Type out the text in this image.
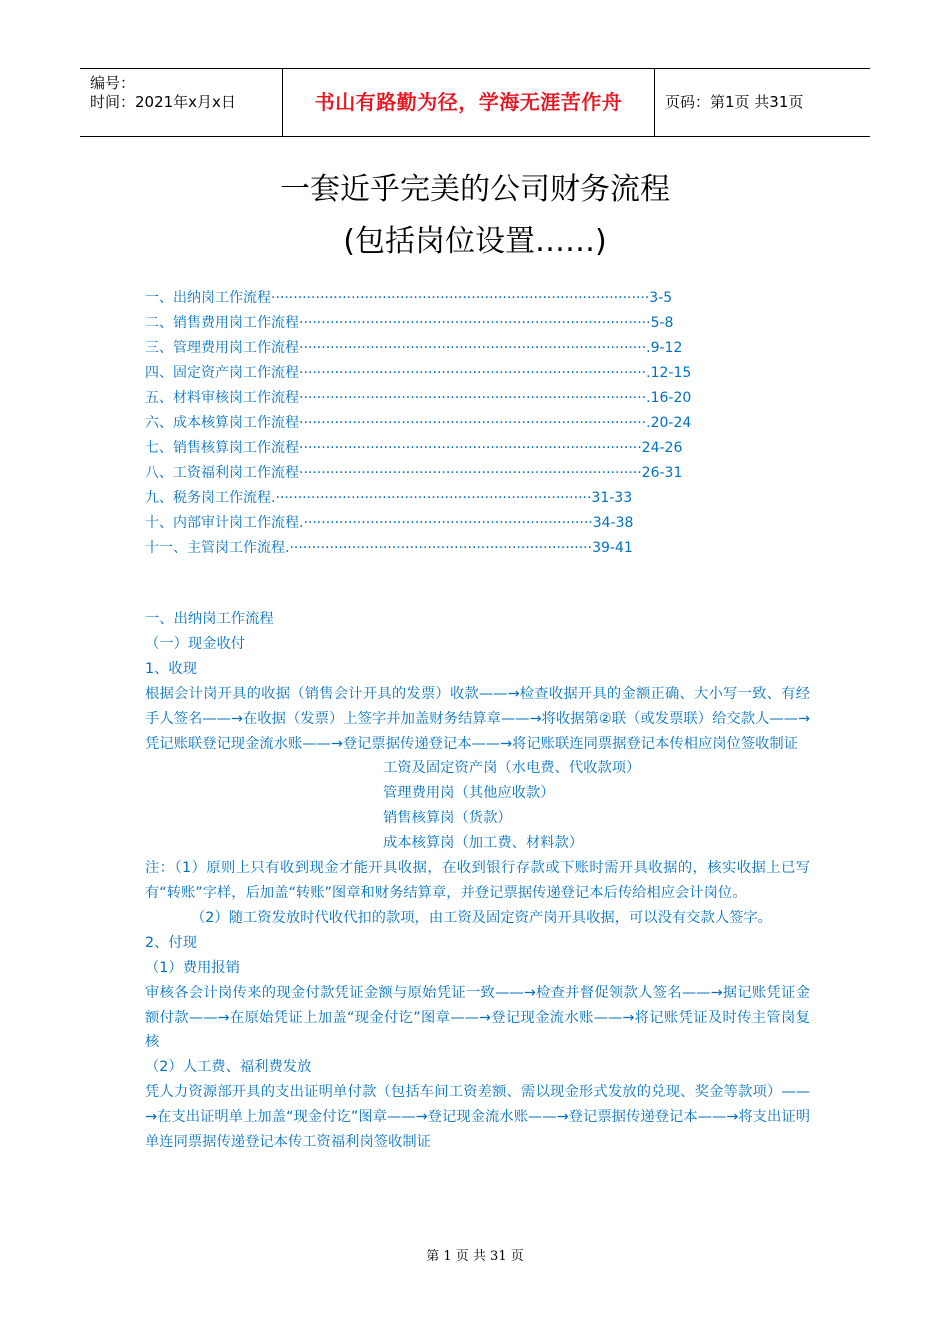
编号：
时间：2021年x月x日	书山有路勤为径，学海无涯苦作舟	页码：第1页 共31页
一套近乎完美的公司财务流程
(包括岗位设置……)
一、出纳岗工作流程·····················································································3-5
二、销售费用岗工作流程···············································································5-8
三、管理费用岗工作流程··············································································.9-12
四、固定资产岗工作流程··············································································.12-15
五、材料审核岗工作流程··············································································.16-20
六、成本核算岗工作流程··············································································.20-24
七、销售核算岗工作流程·············································································24-26
八、工资福利岗工作流程·············································································26-31
九、税务岗工作流程.·······································································31-33
十、内部审计岗工作流程.·································································34-38
十一、主管岗工作流程.····································································39-41

一、出纳岗工作流程

（一）现金收付

1、收现

根据会计岗开具的收据（销售会计开具的发票）收款——→检查收据开具的金额正确、大小写一致、有经手人签名——→在收据（发票）上签字并加盖财务结算章——→将收据第②联（或发票联）给交款人——→凭记账联登记现金流水账——→登记票据传递登记本——→将记账联连同票据登记本传相应岗位签收制证

工资及固定资产岗（水电费、代收款项）

管理费用岗（其他应收款）

销售核算岗（货款）

成本核算岗（加工费、材料款）

注：（1）原则上只有收到现金才能开具收据，在收到银行存款或下账时需开具收据的，核实收据上已写有“转账”字样，后加盖“转账”图章和财务结算章，并登记票据传递登记本后传给相应会计岗位。

（2）随工资发放时代收代扣的款项，由工资及固定资产岗开具收据，可以没有交款人签字。

2、付现

（1）费用报销

审核各会计岗传来的现金付款凭证金额与原始凭证一致——→检查并督促领款人签名——→据记账凭证金额付款——→在原始凭证上加盖“现金付讫”图章——→登记现金流水账——→将记账凭证及时传主管岗复核

（2）人工费、福利费发放

凭人力资源部开具的支出证明单付款（包括车间工资差额、需以现金形式发放的兑现、奖金等款项）——→在支出证明单上加盖“现金付讫”图章——→登记现金流水账——→登记票据传递登记本——→将支出证明单连同票据传递登记本传工资福利岗签收制证

第 1 页 共 31 页
